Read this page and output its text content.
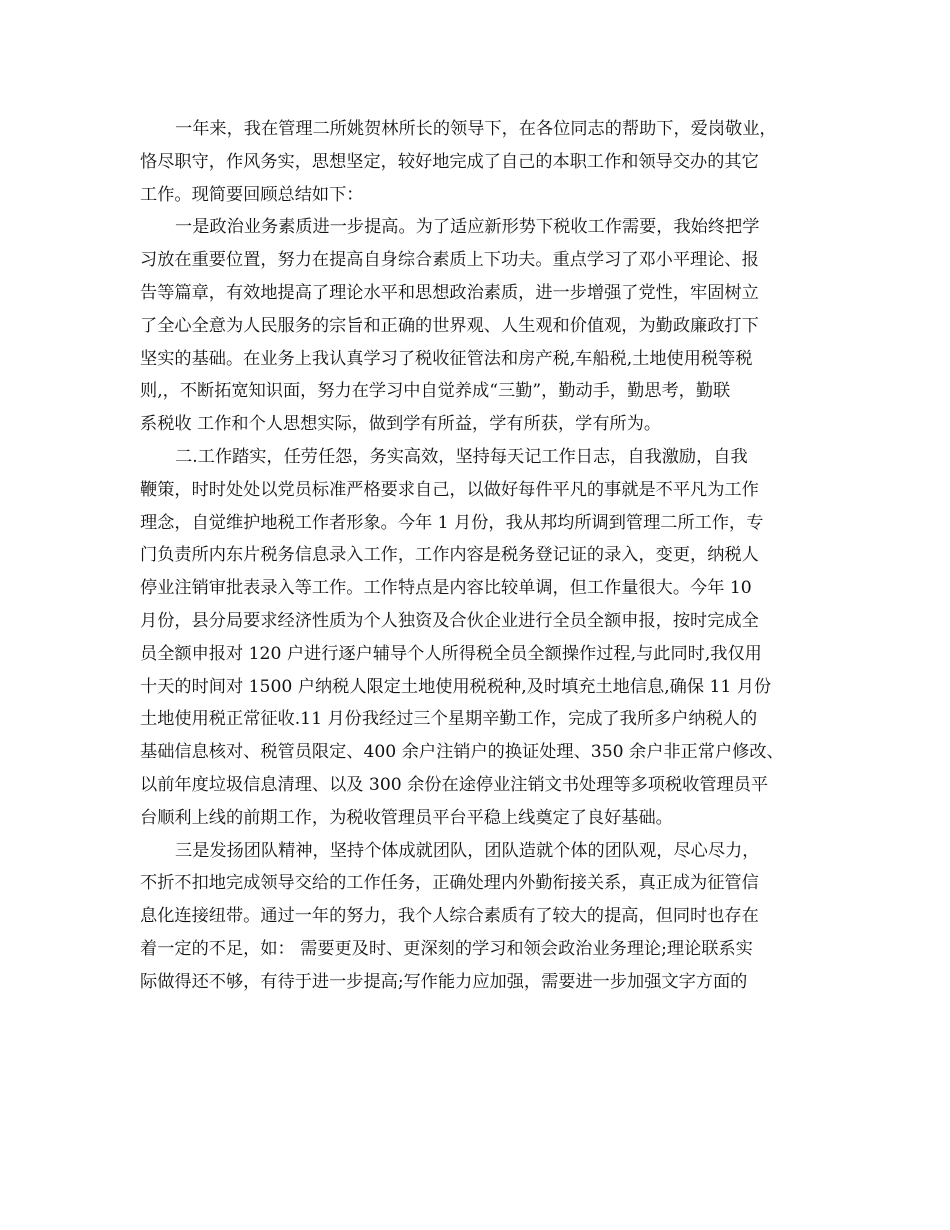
一年来，我在管理二所姚贺林所长的领导下，在各位同志的帮助下，爱岗敬业，
恪尽职守，作风务实，思想坚定，较好地完成了自己的本职工作和领导交办的其它
工作。现简要回顾总结如下：
一是政治业务素质进一步提高。为了适应新形势下税收工作需要，我始终把学
习放在重要位置，努力在提高自身综合素质上下功夫。重点学习了邓小平理论、报
告等篇章，有效地提高了理论水平和思想政治素质，进一步增强了党性，牢固树立
了全心全意为人民服务的宗旨和正确的世界观、人生观和价值观，为勤政廉政打下
坚实的基础。在业务上我认真学习了税收征管法和房产税,车船税,土地使用税等税
则,，不断拓宽知识面，努力在学习中自觉养成“三勤”，勤动手，勤思考，勤联
系税收 工作和个人思想实际，做到学有所益，学有所获，学有所为。
二.工作踏实，任劳任怨，务实高效，坚持每天记工作日志，自我激励，自我
鞭策，时时处处以党员标准严格要求自己，以做好每件平凡的事就是不平凡为工作
理念，自觉维护地税工作者形象。今年 1 月份，我从邦均所调到管理二所工作，专
门负责所内东片税务信息录入工作，工作内容是税务登记证的录入，变更，纳税人
停业注销审批表录入等工作。工作特点是内容比较单调，但工作量很大。今年 10
月份，县分局要求经济性质为个人独资及合伙企业进行全员全额申报，按时完成全
员全额申报对 120 户进行逐户辅导个人所得税全员全额操作过程,与此同时,我仅用
十天的时间对 1500 户纳税人限定土地使用税税种,及时填充土地信息,确保 11 月份
土地使用税正常征收.11 月份我经过三个星期辛勤工作，完成了我所多户纳税人的
基础信息核对、税管员限定、400 余户注销户的换证处理、350 余户非正常户修改、
以前年度垃圾信息清理、以及 300 余份在途停业注销文书处理等多项税收管理员平
台顺利上线的前期工作，为税收管理员平台平稳上线奠定了良好基础。
三是发扬团队精神，坚持个体成就团队，团队造就个体的团队观，尽心尽力，
不折不扣地完成领导交给的工作任务，正确处理内外勤衔接关系，真正成为征管信
息化连接纽带。通过一年的努力，我个人综合素质有了较大的提高，但同时也存在
着一定的不足，如： 需要更及时、更深刻的学习和领会政治业务理论;理论联系实
际做得还不够，有待于进一步提高;写作能力应加强，需要进一步加强文字方面的
